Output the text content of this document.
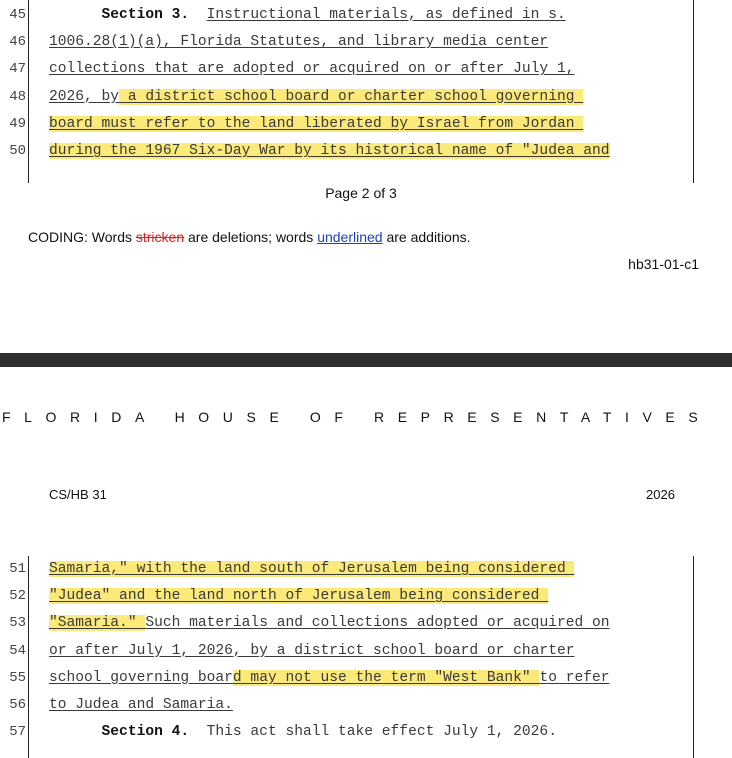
45	Section 3. Instructional materials, as defined in s.
46 1006.28(1)(a), Florida Statutes, and library media center
47 collections that are adopted or acquired on or after July 1,
48 2026, by a district school board or charter school governing
49 board must refer to the land liberated by Israel from Jordan
50 during the 1967 Six-Day War by its historical name of "Judea and
Page 2 of 3
CODING: Words stricken are deletions; words underlined are additions.
hb31-01-c1
FLORIDA HOUSE OF REPRESENTATIVES
CS/HB 31	2026
51 Samaria," with the land south of Jerusalem being considered
52 "Judea" and the land north of Jerusalem being considered
53 "Samaria." Such materials and collections adopted or acquired on
54 or after July 1, 2026, by a district school board or charter
55 school governing board may not use the term "West Bank" to refer
56 to Judea and Samaria.
57	Section 4.  This act shall take effect July 1, 2026.
